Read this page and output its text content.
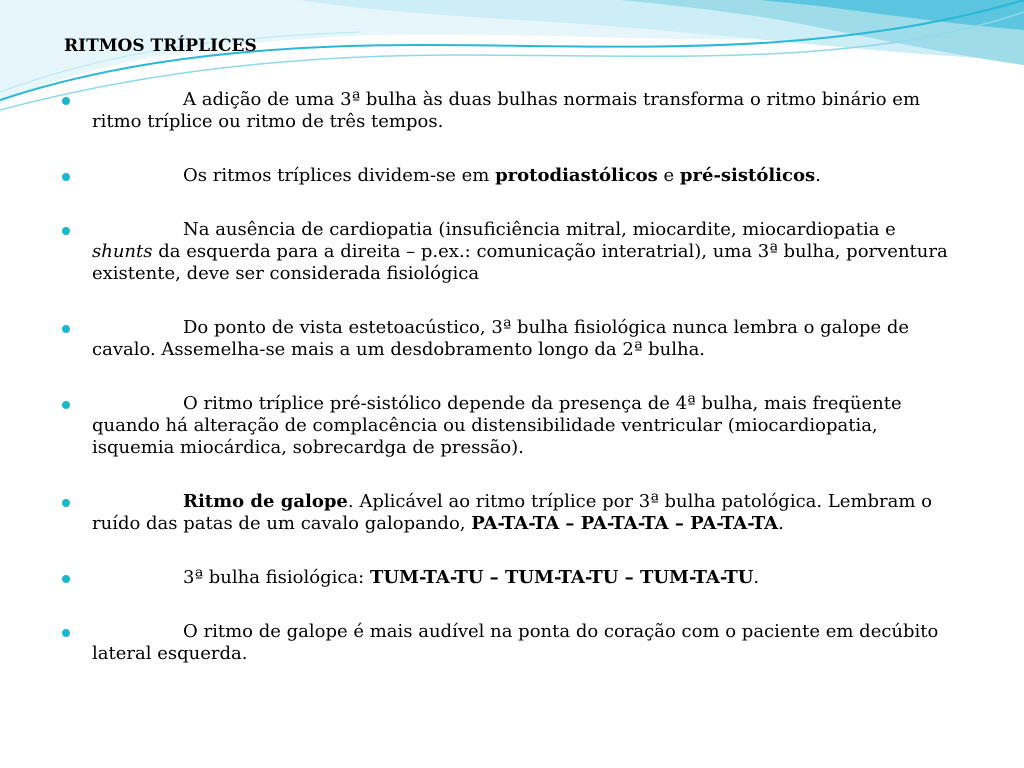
RITMOS TRÍPLICES
A adição de uma 3ª bulha às duas bulhas normais transforma o ritmo binário em ritmo tríplice ou ritmo de três tempos.
Os ritmos tríplices dividem-se em protodiastólicos e pré-sistólicos.
Na ausência de cardiopatia (insuficiência mitral, miocardite, miocardiopatia e shunts da esquerda para a direita – p.ex.: comunicação interatrial), uma 3ª bulha, porventura existente, deve ser considerada fisiológica
Do ponto de vista estetoacústico, 3ª bulha fisiológica nunca lembra o galope de cavalo. Assemelha-se mais a um desdobramento longo da 2ª bulha.
O ritmo tríplice pré-sistólico depende da presença de 4ª bulha, mais freqüente quando há alteração de complacência ou distensibilidade ventricular (miocardiopatia, isquemia miocárdica, sobrecardga de pressão).
Ritmo de galope. Aplicável ao ritmo tríplice por 3ª bulha patológica. Lembram o ruído das patas de um cavalo galopando, PA-TA-TA – PA-TA-TA – PA-TA-TA.
3ª bulha fisiológica: TUM-TA-TU – TUM-TA-TU – TUM-TA-TU.
O ritmo de galope é mais audível na ponta do coração com o paciente em decúbito lateral esquerda.
